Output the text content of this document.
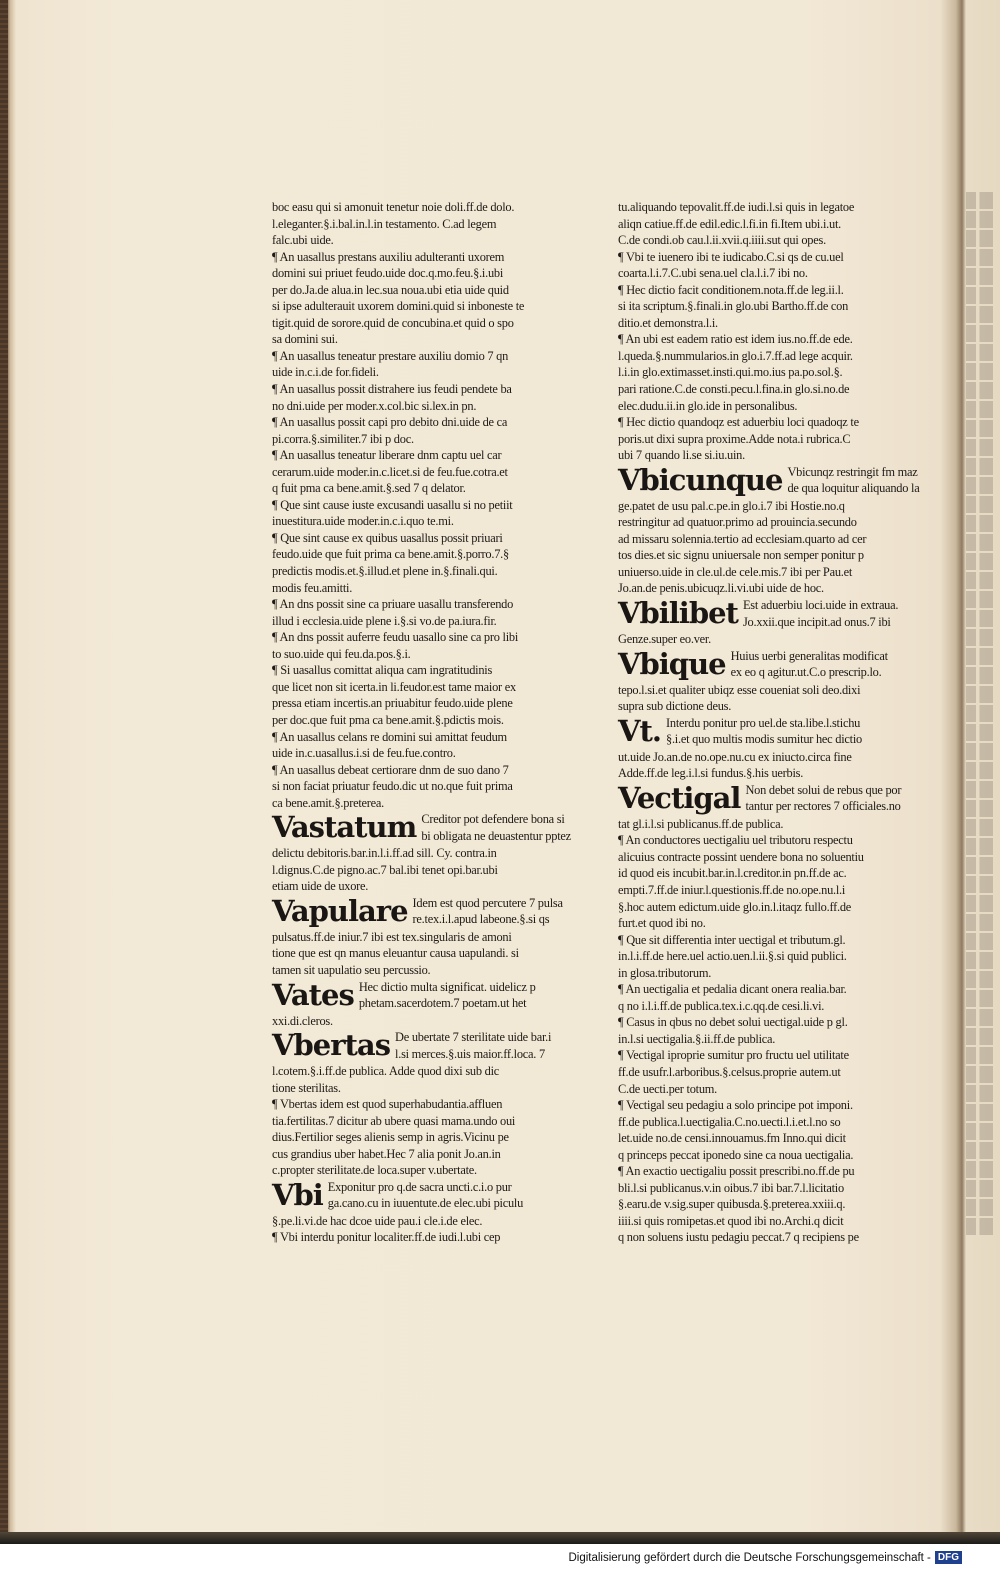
boc easu qui si amonuit tenetur noie doli.ff.de dolo.
l.eleganter.§.i.bal.in.l.in testamento. C.ad legem
falc.ubi uide.
¶ An uasallus prestans auxiliu adulteranti uxorem
domini sui priuet feudo.uide doc.q.mo.feu.§.i.ubi
per do.Ja.de alua.in lec.sua noua.ubi etia uide quid
si ipse adulterauit uxorem domini.quid si inboneste te
tigit.quid de sorore.quid de concubina.et quid o spo
sa domini sui.
¶ An uasallus teneatur prestare auxiliu domio 7 qn
uide in.c.i.de for.fideli.
¶ An uasallus possit distrahere ius feudi pendete ba
no dni.uide per moder.x.col.bic si.lex.in pn.
¶ An uasallus possit capi pro debito dni.uide de ca
pi.corra.§.similiter.7 ibi p doc.
¶ An uasallus teneatur liberare dnm captu uel car
cerarum.uide moder.in.c.licet.si de feu.fue.cotra.et
q fuit pma ca bene.amit.§.sed 7 q delator.
¶ Que sint cause iuste excusandi uasallu si no petiit
inuestitura.uide moder.in.c.i.quo te.mi.
¶ Que sint cause ex quibus uasallus possit priuari
feudo.uide que fuit prima ca bene.amit.§.porro.7.§
predictis modis.et.§.illud.et plene in.§.finali.qui.
modis feu.amitti.
¶ An dns possit sine ca priuare uasallu transferendo
illud i ecclesia.uide plene i.§.si vo.de pa.iura.fir.
¶ An dns possit auferre feudu uasallo sine ca pro libi
to suo.uide qui feu.da.pos.§.i.
¶ Si uasallus comittat aliqua cam ingratitudinis
que licet non sit icerta.in li.feudor.est tame maior ex
pressa etiam incertis.an priuabitur feudo.uide plene
per doc.que fuit pma ca bene.amit.§.pdictis mois.
¶ An uasallus celans re domini sui amittat feudum
uide in.c.uasallus.i.si de feu.fue.contro.
¶ An uasallus debeat certiorare dnm de suo dano 7
si non faciat priuatur feudo.dic ut no.que fuit prima
ca bene.amit.§.preterea.
Vastatum Creditor pot defendere bona si
bi obligata ne deuastentur pptez
delictu debitoris.bar.in.l.i.ff.ad sill. Cy. contra.in
l.dignus.C.de pigno.ac.7 bal.ibi tenet opi.bar.ubi
etiam uide de uxore.
Vapulare Idem est quod percutere 7 pulsa
re.tex.i.l.apud labeone.§.si qs
pulsatus.ff.de iniur.7 ibi est tex.singularis de amoni
tione que est qn manus eleuantur causa uapulandi. si
tamen sit uapulatio seu percussio.
Vates Hec dictio multa significat. uidelicz p
phetam.sacerdotem.7 poetam.ut het
xxi.di.cleros.
Vbertas De ubertate 7 sterilitate uide bar.i
l.si merces.§.uis maior.ff.loca. 7
l.cotem.§.i.ff.de publica. Adde quod dixi sub dic
tione sterilitas.
¶ Vbertas idem est quod superhabudantia.affluen
tia.fertilitas.7 dicitur ab ubere quasi mama.undo oui
dius.Fertilior seges alienis semp in agris.Vicinu pe
cus grandius uber habet.Hec 7 alia ponit Jo.an.in
c.propter sterilitate.de loca.super v.ubertate.
Vbi Exponitur pro q.de sacra uncti.c.i.o pur
ga.cano.cu in iuuentute.de elec.ubi piculu
§.pe.li.vi.de hac dcoe uide pau.i cle.i.de elec.
¶ Vbi interdu ponitur localiter.ff.de iudi.l.ubi cep
tu.aliquando tepovalit.ff.de iudi.l.si quis in legatoe
aliqn catiue.ff.de edil.edic.l.fi.in fi.Item ubi.i.ut.
C.de condi.ob cau.l.ii.xvii.q.iiii.sut qui opes.
¶ Vbi te iuenero ibi te iudicabo.C.si qs de cu.uel
coarta.l.i.7.C.ubi sena.uel cla.l.i.7 ibi no.
¶ Hec dictio facit conditionem.nota.ff.de leg.ii.l.
si ita scriptum.§.finali.in glo.ubi Bartho.ff.de con
ditio.et demonstra.l.i.
¶ An ubi est eadem ratio est idem ius.no.ff.de ede.
l.queda.§.nummularios.in glo.i.7.ff.ad lege acquir.
l.i.in glo.extimasset.insti.qui.mo.ius pa.po.sol.§.
pari ratione.C.de consti.pecu.l.fina.in glo.si.no.de
elec.dudu.ii.in glo.ide in personalibus.
¶ Hec dictio quandoqz est aduerbiu loci quadoqz te
poris.ut dixi supra proxime.Adde nota.i rubrica.C
ubi 7 quando li.se si.iu.uin.
Vbicunque Vbicunqz restringit fm maz
de qua loquitur aliquando la
ge.patet de usu pal.c.pe.in glo.i.7 ibi Hostie.no.q
restringitur ad quatuor.primo ad prouincia.secundo
ad missaru solennia.tertio ad ecclesiam.quarto ad cer
tos dies.et sic signu uniuersale non semper ponitur p
uniuerso.uide in cle.ul.de cele.mis.7 ibi per Pau.et
Jo.an.de penis.ubicuqz.li.vi.ubi uide de hoc.
Vbilibet Est aduerbiu loci.uide in extraua.
Jo.xxii.que incipit.ad onus.7 ibi
Genze.super eo.ver.
Vbique Huius uerbi generalitas modificat
ex eo q agitur.ut.C.o prescrip.lo.
tepo.l.si.et qualiter ubiqz esse coueniat soli deo.dixi
supra sub dictione deus.
Vt. Interdu ponitur pro uel.de sta.libe.l.stichu
§.i.et quo multis modis sumitur hec dictio
ut.uide Jo.an.de no.ope.nu.cu ex iniucto.circa fine
Adde.ff.de leg.i.l.si fundus.§.his uerbis.
Vectigal Non debet solui de rebus que por
tantur per rectores 7 officiales.no
tat gl.i.l.si publicanus.ff.de publica.
¶ An conductores uectigaliu uel tributoru respectu
alicuius contracte possint uendere bona no soluentiu
id quod eis incubit.bar.in.l.creditor.in pn.ff.de ac.
empti.7.ff.de iniur.l.questionis.ff.de no.ope.nu.l.i
§.hoc autem edictum.uide glo.in.l.itaqz fullo.ff.de
furt.et quod ibi no.
¶ Que sit differentia inter uectigal et tributum.gl.
in.l.i.ff.de here.uel actio.uen.l.ii.§.si quid publici.
in glosa.tributorum.
¶ An uectigalia et pedalia dicant onera realia.bar.
q no i.l.i.ff.de publica.tex.i.c.qq.de cesi.li.vi.
¶ Casus in qbus no debet solui uectigal.uide p gl.
in.l.si uectigalia.§.ii.ff.de publica.
¶ Vectigal iproprie sumitur pro fructu uel utilitate
ff.de usufr.l.arboribus.§.celsus.proprie autem.ut
C.de uecti.per totum.
¶ Vectigal seu pedagiu a solo principe pot imponi.
ff.de publica.l.uectigalia.C.no.uecti.l.i.et.l.no so
let.uide no.de censi.innouamus.fm Inno.qui dicit
q princeps peccat iponedo sine ca noua uectigalia.
¶ An exactio uectigaliu possit prescribi.no.ff.de pu
bli.l.si publicanus.v.in oibus.7 ibi bar.7.l.licitatio
§.earu.de v.sig.super quibusda.§.preterea.xxiii.q.
iiii.si quis romipetas.et quod ibi no.Archi.q dicit
q non soluens iustu pedagiu peccat.7 q recipiens pe
Digitalisierung gefördert durch die Deutsche Forschungsgemeinschaft - DFG
